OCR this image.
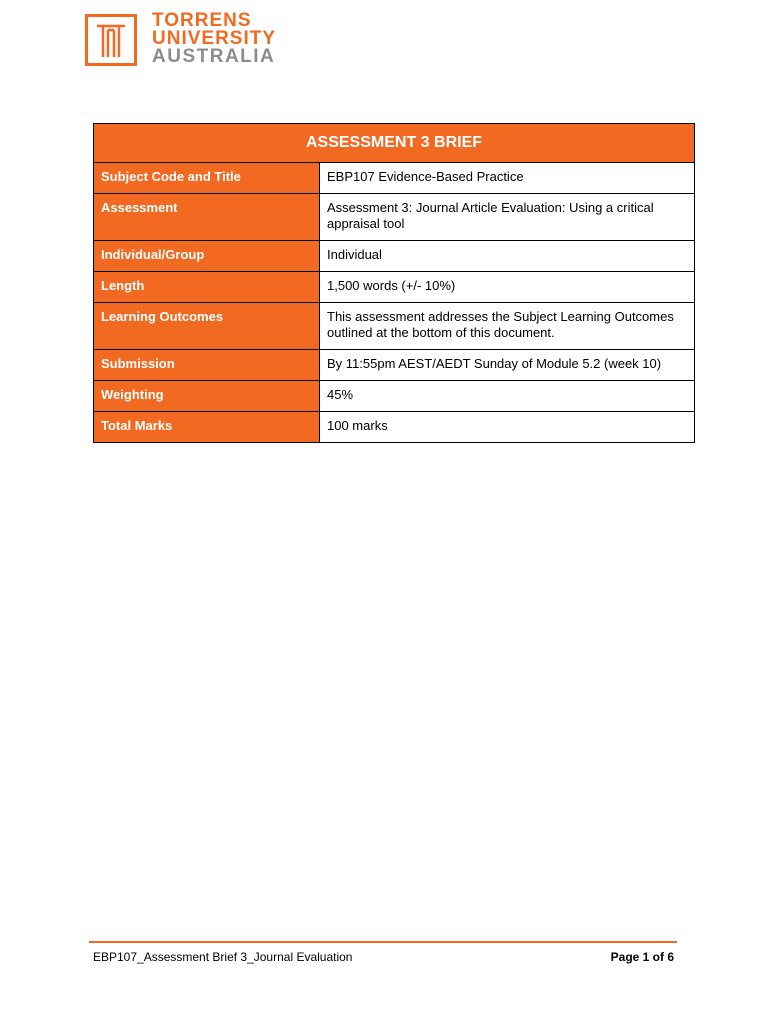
TORRENS
UNIVERSITY
AUSTRALIA
ASSESSMENT 3 BRIEF	
Subject Code and Title	EBP107 Evidence-Based Practice
Assessment	Assessment 3: Journal Article Evaluation: Using a critical appraisal tool
Individual/Group	Individual
Length	1,500 words (+/- 10%)
Learning Outcomes	This assessment addresses the Subject Learning Outcomes outlined at the bottom of this document.
Submission	By 11:55pm AEST/AEDT Sunday of Module 5.2 (week 10)
Weighting	45%
Total Marks	100 marks
EBP107_Assessment Brief 3_Journal Evaluation	Page 1 of 6
